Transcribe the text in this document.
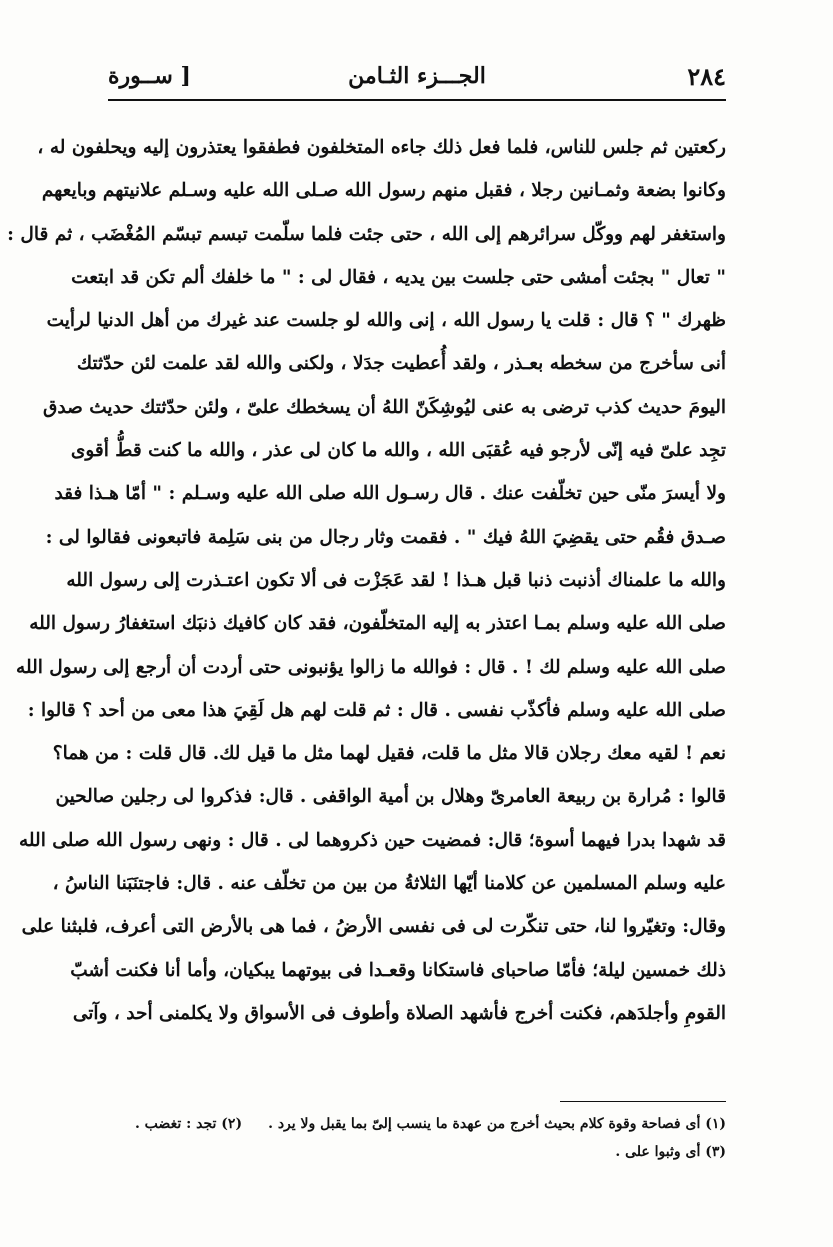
٢٨٤
الجـــزء الثـامن
[ ســورة
ركعتين ثم جلس للناس، فلما فعل ذلك جاءه المتخلفون فطفقوا يعتذرون إليه ويحلفون له ،
وكانوا بضعة وثمـانين رجلا ، فقبل منهم رسول الله صـلى الله عليه وسـلم علانيتهم وبايعهم
واستغفر لهم ووكّل سرائرهم إلى الله ، حتى جئت فلما سلّمت تبسم تبسّم المُغْضَب ، ثم قال :
" تعال " بجئت أمشى حتى جلست بين يديه ، فقال لى : " ما خلفك ألم تكن قد ابتعت
ظهرك " ؟ قال : قلت يا رسول الله ، إنى والله لو جلست عند غيرك من أهل الدنيا لرأيت
أنى سأخرج من سخطه بعـذر ، ولقد أُعطيت جدَلا ، ولكنى والله لقد علمت لئن حدّثتك
اليومَ حديث كذب ترضى به عنى ليُوشِكَنّ اللهُ أن يسخطك علىّ ، ولئن حدّثتك حديث صدق
تجِد علىّ فيه إنّى لأرجو فيه عُقبَى الله ، والله ما كان لى عذر ، والله ما كنت قطُّ أقوى
ولا أيسرَ منّى حين تخلّفت عنك . قال رسـول الله صلى الله عليه وسـلم : " أمّا هـذا فقد
صـدق فقُم حتى يقضِيَ اللهُ فيك " . فقمت وثار رجال من بنى سَلِمة فاتبعونى فقالوا لى :
والله ما علمناك أذنبت ذنبا قبل هـذا ! لقد عَجَزْت فى ألا تكون اعتـذرت إلى رسول الله
صلى الله عليه وسلم بمـا اعتذر به إليه المتخلّفون، فقد كان كافيك ذنبَك استغفارُ رسول الله
صلى الله عليه وسلم لك ! . قال : فوالله ما زالوا يؤنبونى حتى أردت أن أرجع إلى رسول الله
صلى الله عليه وسلم فأكذّب نفسى . قال : ثم قلت لهم هل لَقِيَ هذا معى من أحد ؟ قالوا :
نعم ! لقيه معك رجلان قالا مثل ما قلت، فقيل لهما مثل ما قيل لك. قال قلت : من هما؟
قالوا : مُرارة بن ربيعة العامرىّ وهلال بن أمية الواقفى . قال: فذكروا لى رجلين صالحين
قد شهدا بدرا فيهما أسوة؛ قال: فمضيت حين ذكروهما لى . قال : ونهى رسول الله صلى الله
عليه وسلم المسلمين عن كلامنا أيّها الثلاثةُ من بين من تخلّف عنه . قال: فاجتنَبَنا الناسُ ،
وقال: وتغيّروا لنا، حتى تنكّرت لى فى نفسى الأرضُ ، فما هى بالأرض التى أعرف، فلبثنا على
ذلك خمسين ليلة؛ فأمّا صاحباى فاستكانا وقعـدا فى بيوتهما يبكيان، وأما أنا فكنت أشبّ
القومِ وأجلدَهم، فكنت أخرج فأشهد الصلاة وأطوف فى الأسواق ولا يكلمنى أحد ، وآتى
(١) أى فصاحة وقوة كلام بحيث أخرج من عهدة ما ينسب إلىّ بما يقبل ولا يرد .
(٢) تجد : تغضب .
(٣) أى وثبوا على .
